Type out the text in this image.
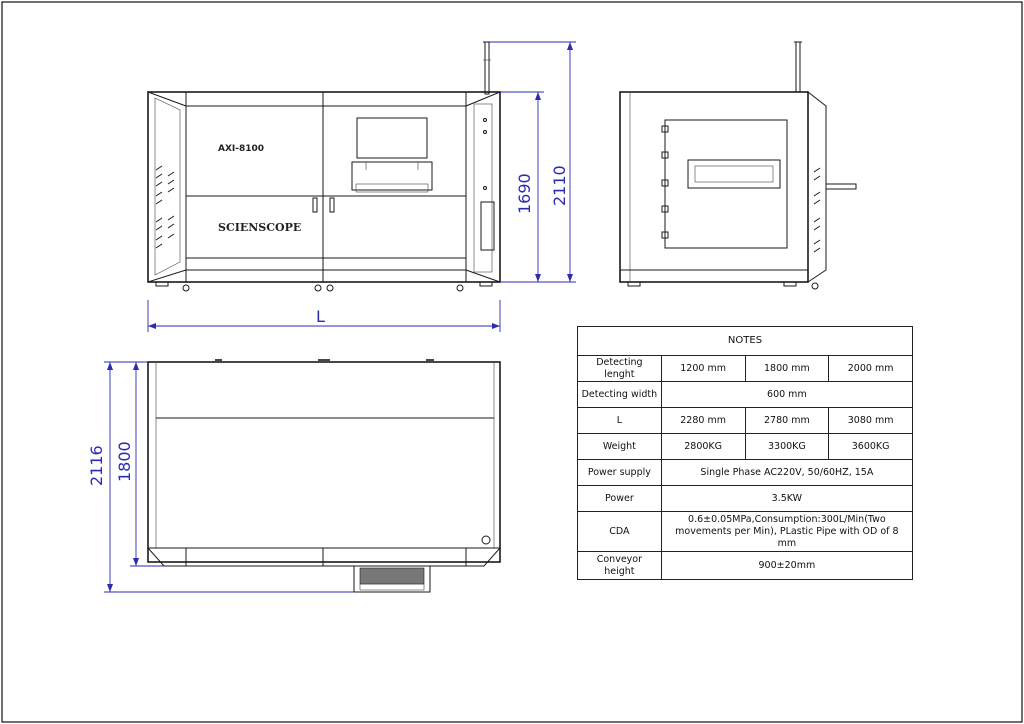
AXI-8100
SCIENSCOPE
L
1690 2110
2116 1800
NOTES			
Detecting lenght	1200 mm	1800 mm	2000 mm
Detecting width	600 mm		
L	2280 mm	2780 mm	3080 mm
Weight	2800KG	3300KG	3600KG
Power supply	Single Phase AC220V, 50/60HZ, 15A		
Power	3.5KW		
CDA	0.6±0.05MPa,Consumption:300L/Min(Two movements per Min), PLastic Pipe with OD of 8 mm		
Conveyor height	900±20mm		
